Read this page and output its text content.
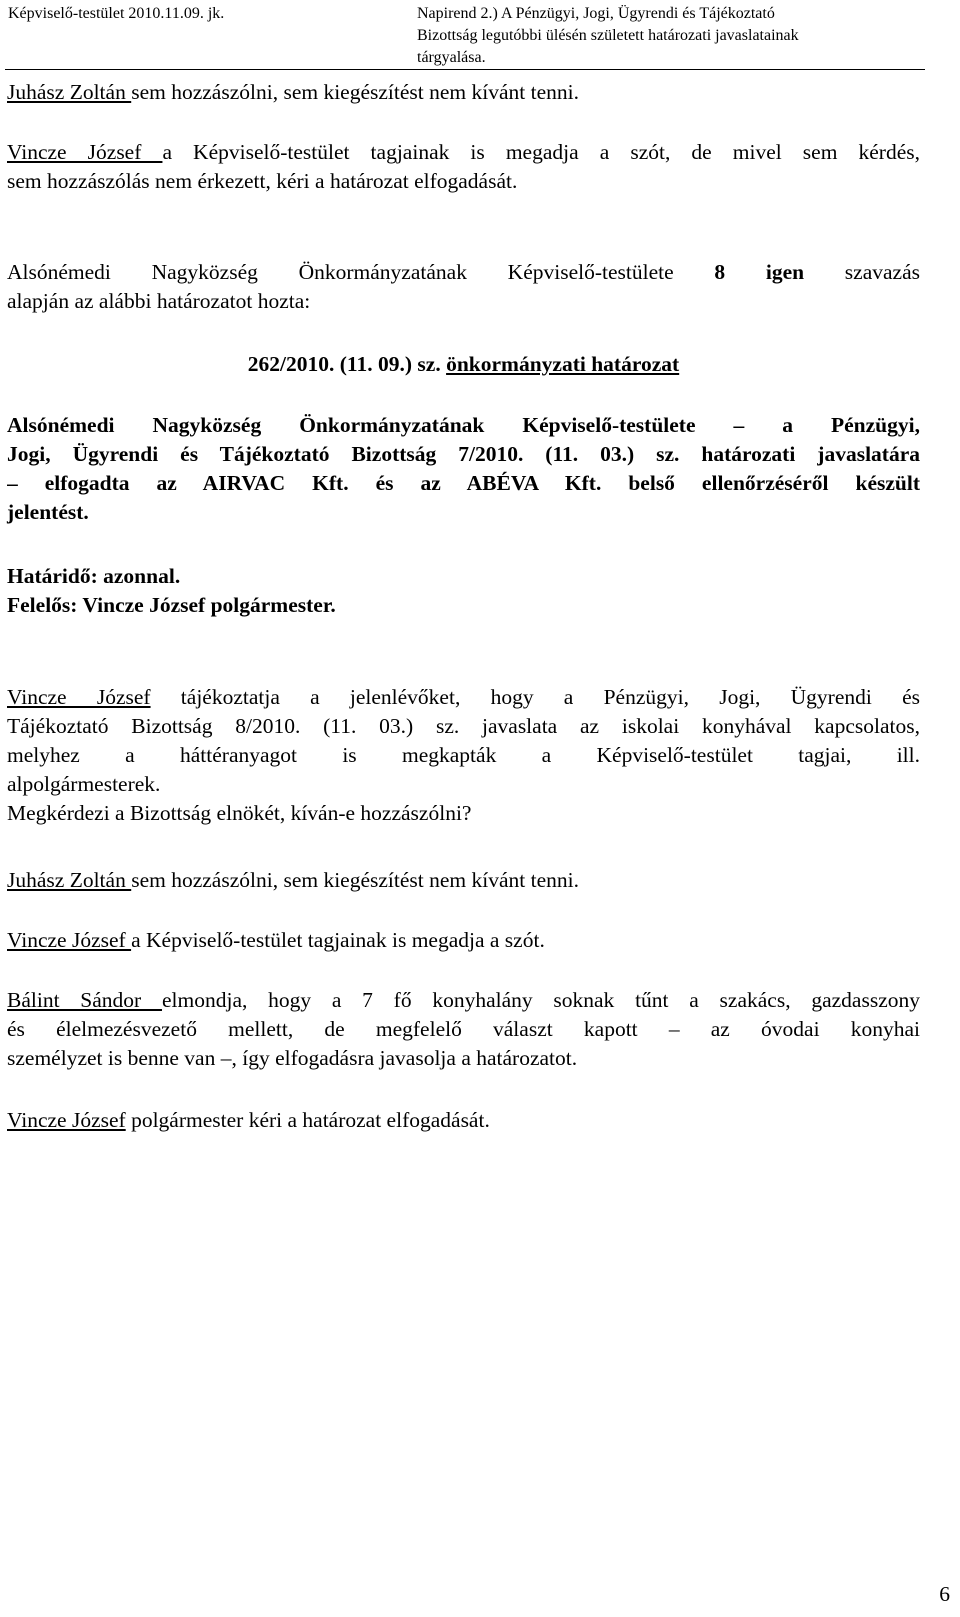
Képviselő-testület 2010.11.09. jk.	Napirend 2.) A Pénzügyi, Jogi, Ügyrendi és Tájékoztató
Bizottság legutóbbi ülésén született határozati javaslatainak
tárgyalása.
Juhász Zoltán sem hozzászólni, sem kiegészítést nem kívánt tenni.
Vincze József a Képviselő-testület tagjainak is megadja a szót, de mivel sem kérdés,
sem hozzászólás nem érkezett, kéri a határozat elfogadását.
Alsónémedi Nagyközség Önkormányzatának Képviselő-testülete 8 igen szavazás
alapján az alábbi határozatot hozta:
262/2010. (11. 09.) sz. önkormányzati határozat
Alsónémedi Nagyközség Önkormányzatának Képviselő-testülete – a Pénzügyi,
Jogi, Ügyrendi és Tájékoztató Bizottság 7/2010. (11. 03.) sz. határozati javaslatára
– elfogadta az AIRVAC Kft. és az ABÉVA Kft. belső ellenőrzéséről készült
jelentést.
Határidő: azonnal.
Felelős: Vincze József polgármester.
Vincze József tájékoztatja a jelenlévőket, hogy a Pénzügyi, Jogi, Ügyrendi és
Tájékoztató Bizottság 8/2010. (11. 03.) sz. javaslata az iskolai konyhával kapcsolatos,
melyhez a háttéranyagot is megkapták a Képviselő-testület tagjai, ill.
alpolgármesterek.
Megkérdezi a Bizottság elnökét, kíván-e hozzászólni?
Juhász Zoltán sem hozzászólni, sem kiegészítést nem kívánt tenni.
Vincze József a Képviselő-testület tagjainak is megadja a szót.
Bálint Sándor elmondja, hogy a 7 fő konyhalány soknak tűnt a szakács, gazdasszony
és élelmezésvezető mellett, de megfelelő választ kapott – az óvodai konyhai
személyzet is benne van –, így elfogadásra javasolja a határozatot.
Vincze József polgármester kéri a határozat elfogadását.
6
